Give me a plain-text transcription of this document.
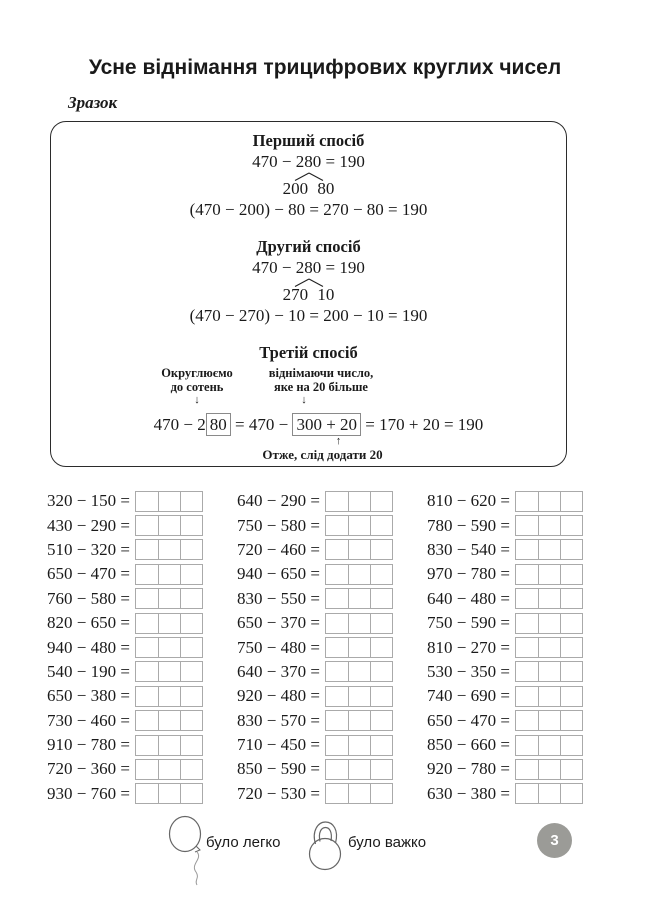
Усне віднімання трицифрових круглих чисел
Зразок
Перший спосіб
470 − 280 = 190
200 80
(470 − 200) − 80 = 270 − 80 = 190
Другий спосіб
470 − 280 = 190
270 10
(470 − 270) − 10 = 200 − 10 = 190
Третій спосіб
Округлюємо
до сотень
↓
віднімаючи число,
яке на 20 більше
↓
470 − 2 80 = 470 − 300 + 20 = 170 + 20 = 190
↑
Отже, слід додати 20
320 − 150 =
430 − 290 =
510 − 320 =
650 − 470 =
760 − 580 =
820 − 650 =
940 − 480 =
540 − 190 =
650 − 380 =
730 − 460 =
910 − 780 =
720 − 360 =
930 − 760 =
640 − 290 =
750 − 580 =
720 − 460 =
940 − 650 =
830 − 550 =
650 − 370 =
750 − 480 =
640 − 370 =
920 − 480 =
830 − 570 =
710 − 450 =
850 − 590 =
720 − 530 =
810 − 620 =
780 − 590 =
830 − 540 =
970 − 780 =
640 − 480 =
750 − 590 =
810 − 270 =
530 − 350 =
740 − 690 =
650 − 470 =
850 − 660 =
920 − 780 =
630 − 380 =
було легко	було важко	3
